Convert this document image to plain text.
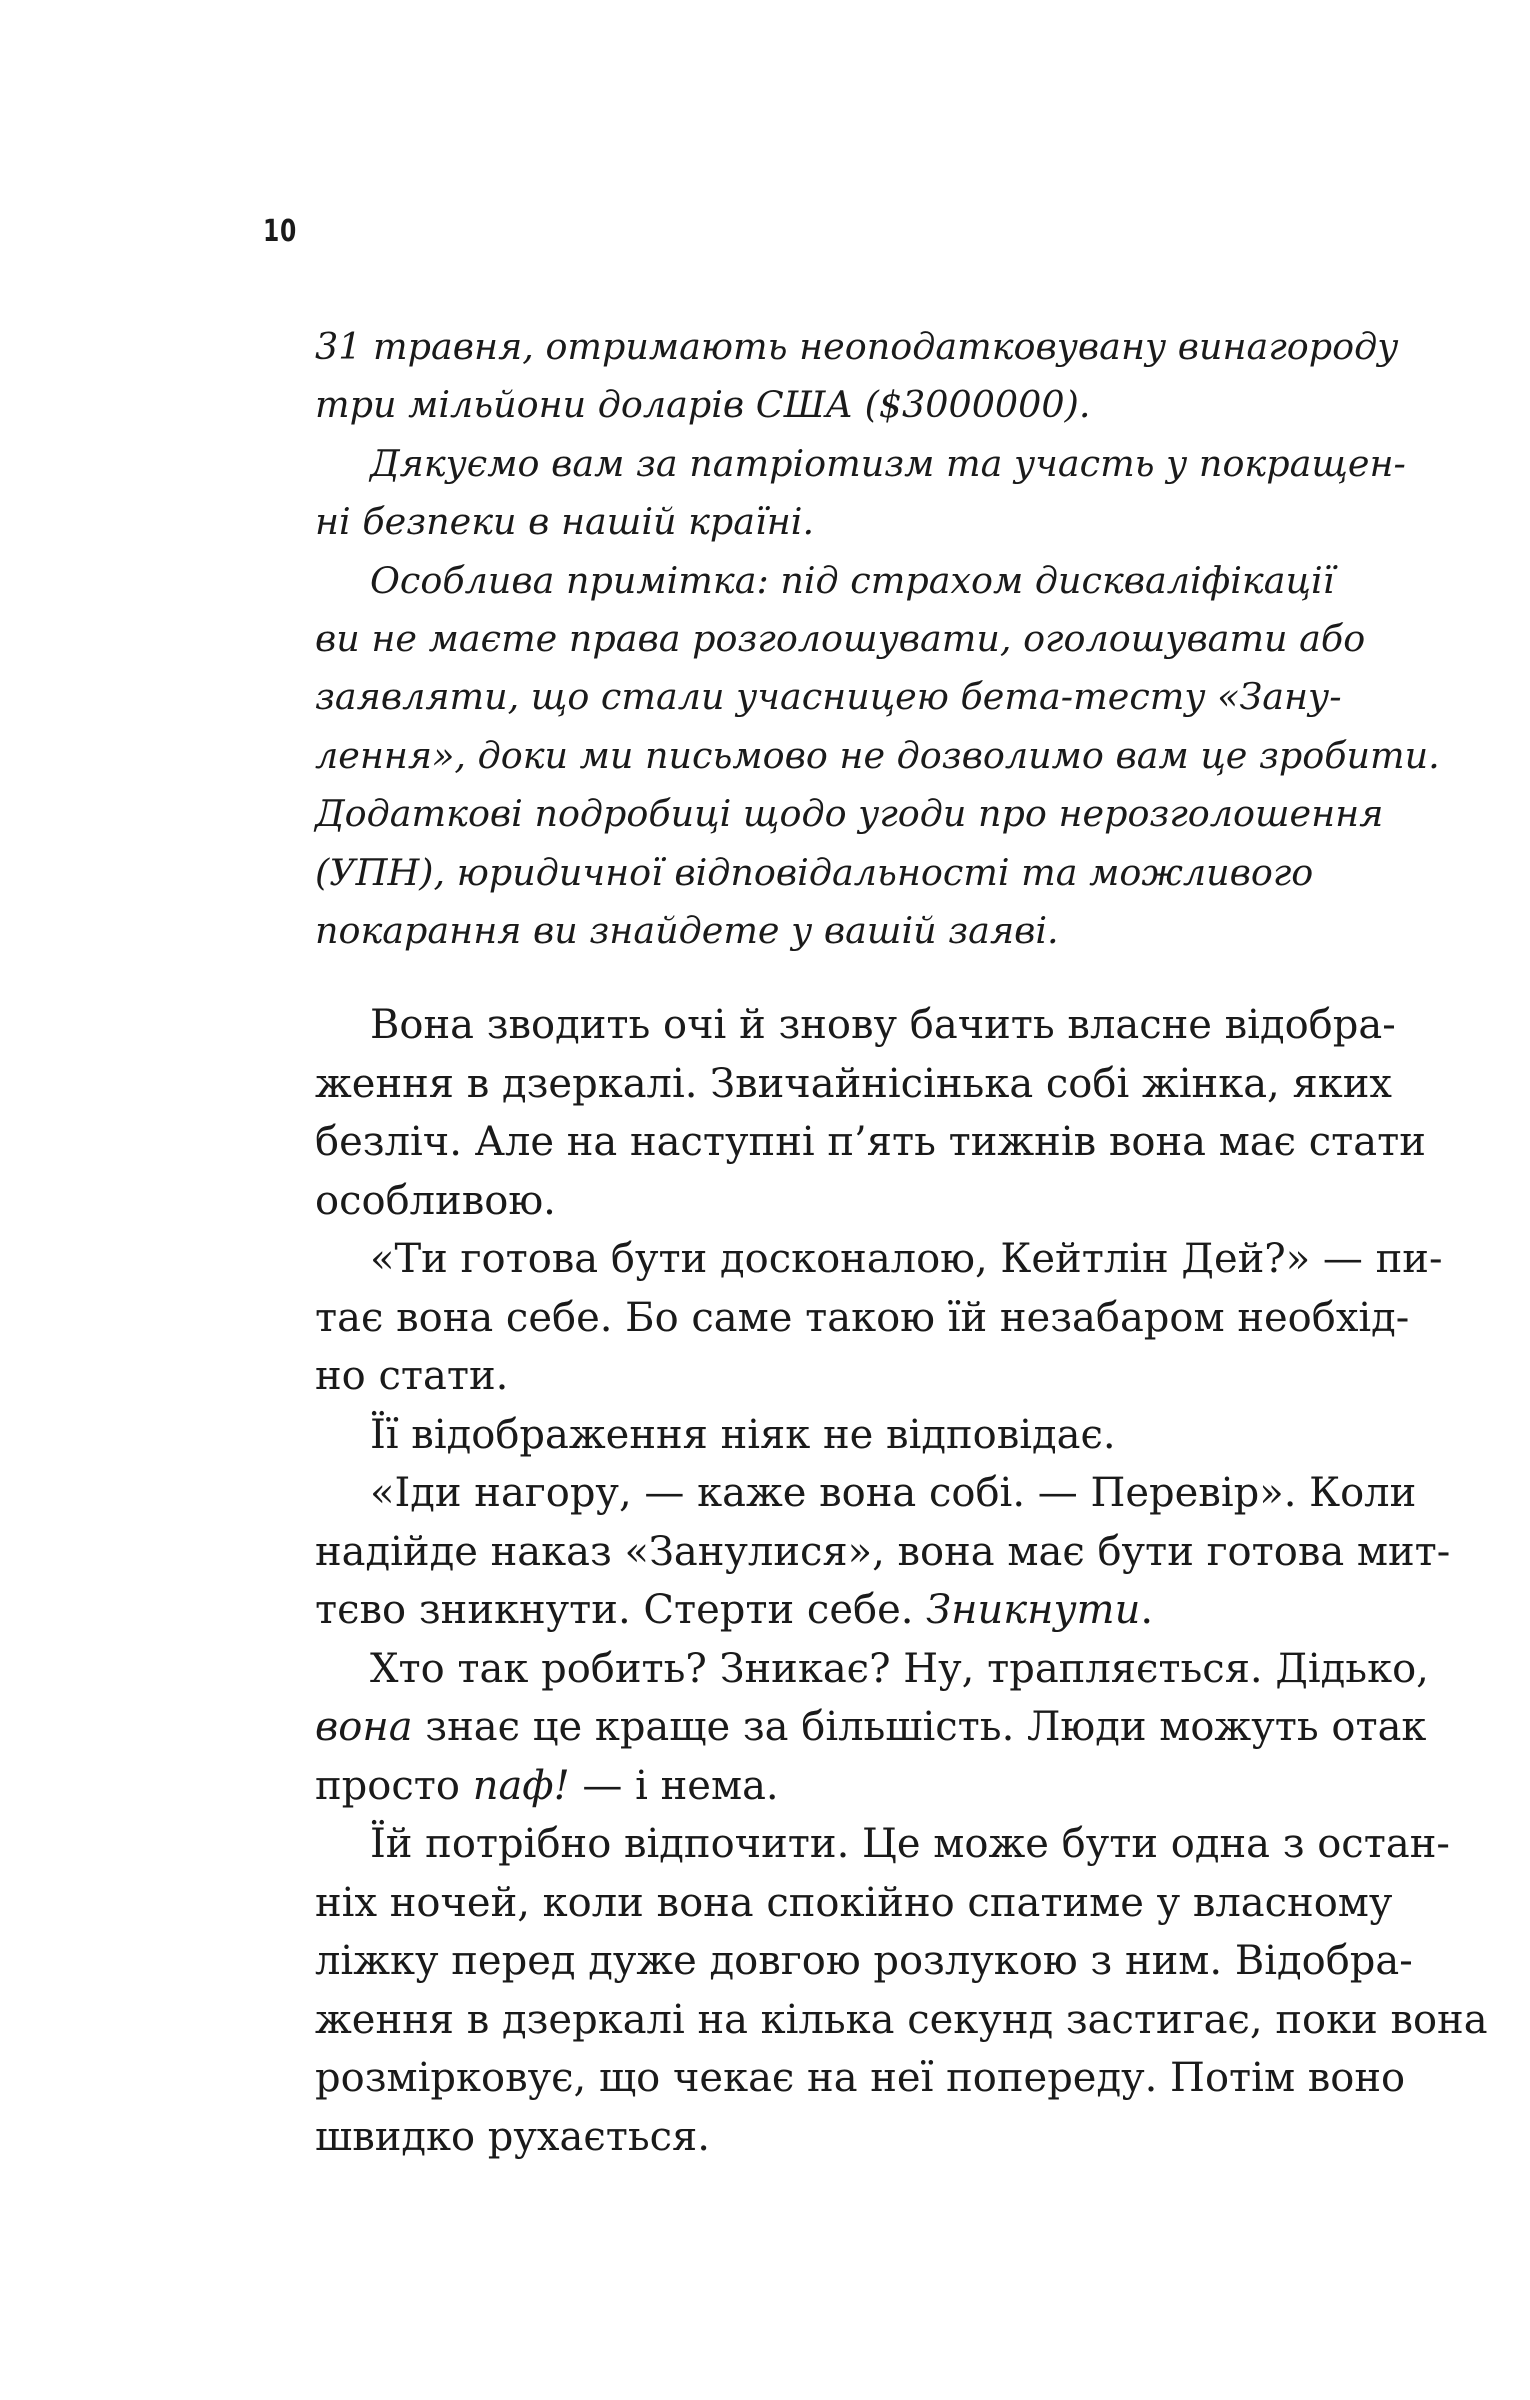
10
31 травня, отримають неоподатковувану винагороду
три мільйони доларів США ($3000000).
Дякуємо вам за патріотизм та участь у покращен-
ні безпеки в нашій країні.
Особлива примітка: під страхом дискваліфікації
ви не маєте права розголошувати, оголошувати або
заявляти, що стали учасницею бета-тесту «Зану-
лення», доки ми письмово не дозволимо вам це зробити.
Додаткові подробиці щодо угоди про нерозголошення
(УПН), юридичної відповідальності та можливого
покарання ви знайдете у вашій заяві.
Вона зводить очі й знову бачить власне відобра-
ження в дзеркалі. Звичайнісінька собі жінка, яких
безліч. Але на наступні п’ять тижнів вона має стати
особливою.
«Ти готова бути досконалою, Кейтлін Дей?» — пи-
тає вона себе. Бо саме такою їй незабаром необхід-
но стати.
Її відображення ніяк не відповідає.
«Іди нагору, — каже вона собі. — Перевір». Коли
надійде наказ «Занулися», вона має бути готова мит-
тєво зникнути. Стерти себе. Зникнути.
Хто так робить? Зникає? Ну, трапляється. Дідько,
вона знає це краще за більшість. Люди можуть отак
просто паф! — і нема.
Їй потрібно відпочити. Це може бути одна з остан-
ніх ночей, коли вона спокійно спатиме у власному
ліжку перед дуже довгою розлукою з ним. Відобра-
ження в дзеркалі на кілька секунд застигає, поки вона
розмірковує, що чекає на неї попереду. Потім воно
швидко рухається.
